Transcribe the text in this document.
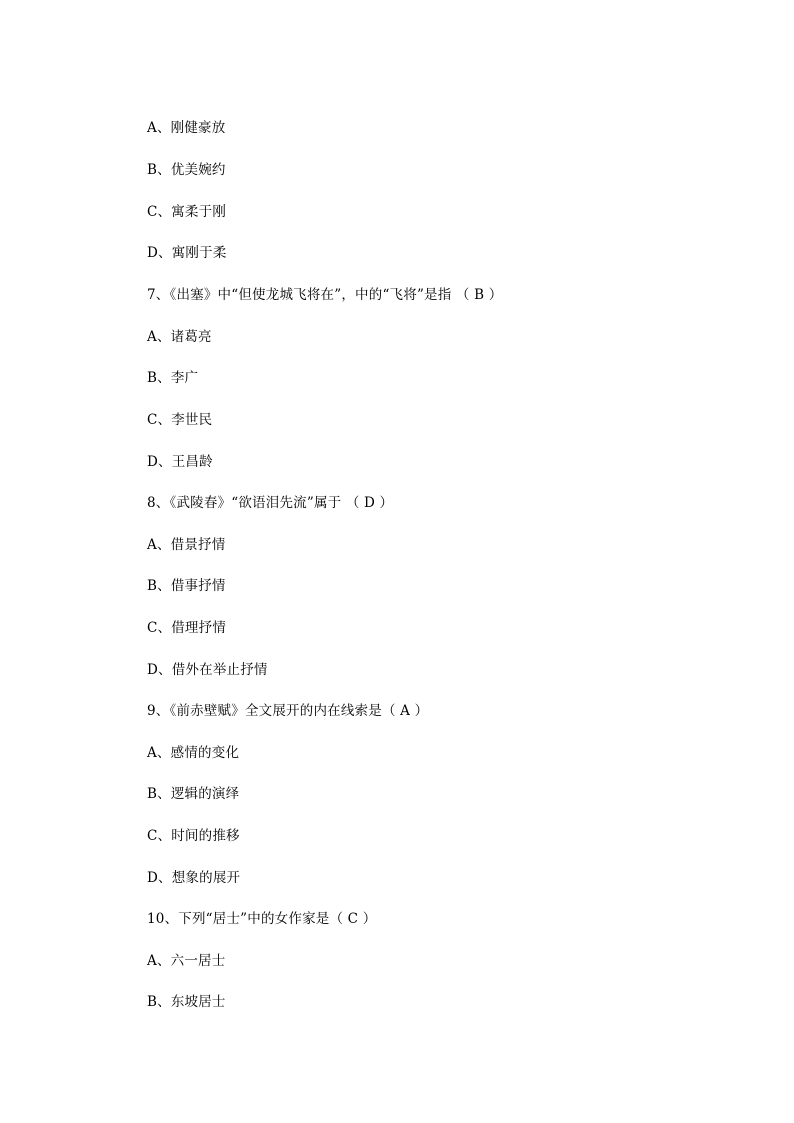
A、刚健豪放
B、优美婉约
C、寓柔于刚
D、寓刚于柔
7、《出塞》中“但使龙城飞将在”，中的“飞将”是指 （ B ）
A、诸葛亮
B、李广
C、李世民
D、王昌龄
8、《武陵春》“欲语泪先流”属于 （ D ）
A、借景抒情
B、借事抒情
C、借理抒情
D、借外在举止抒情
9、《前赤壁赋》全文展开的内在线索是（ A ）
A、感情的变化
B、逻辑的演绎
C、时间的推移
D、想象的展开
10、下列“居士”中的女作家是（ C ）
A、六一居士
B、东坡居士
